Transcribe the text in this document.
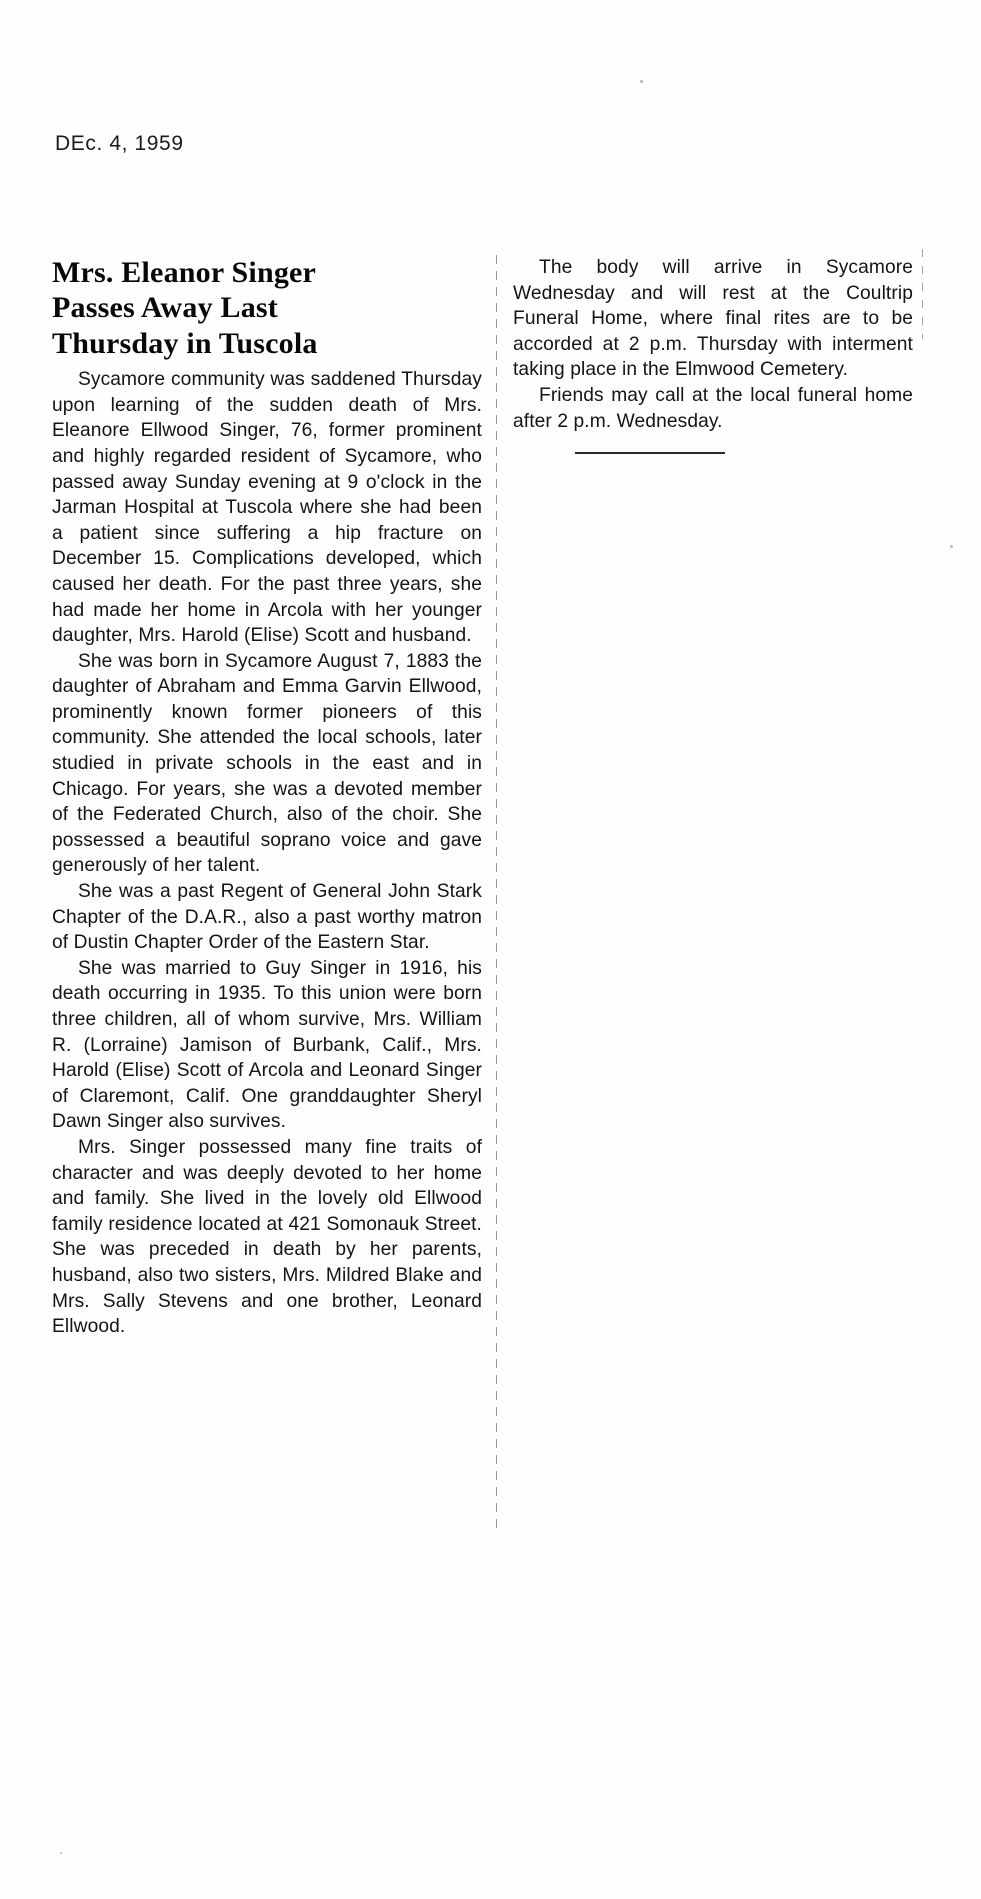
DEc. 4, 1959
Mrs. Eleanor Singer
Passes Away Last
Thursday in Tuscola

Sycamore community was saddened Thursday upon learning of the sudden death of Mrs. Eleanore Ellwood Singer, 76, former prominent and highly regarded resident of Sycamore, who passed away Sunday evening at 9 o'clock in the Jarman Hospital at Tuscola where she had been a patient since suffering a hip fracture on December 15. Complications developed, which caused her death. For the past three years, she had made her home in Arcola with her younger daughter, Mrs. Harold (Elise) Scott and husband.

She was born in Sycamore August 7, 1883 the daughter of Abraham and Emma Garvin Ellwood, prominently known former pioneers of this community. She attended the local schools, later studied in private schools in the east and in Chicago. For years, she was a devoted member of the Federated Church, also of the choir. She possessed a beautiful soprano voice and gave generously of her talent.

She was a past Regent of General John Stark Chapter of the D.A.R., also a past worthy matron of Dustin Chapter Order of the Eastern Star.

She was married to Guy Singer in 1916, his death occurring in 1935. To this union were born three children, all of whom survive, Mrs. William R. (Lorraine) Jamison of Burbank, Calif., Mrs. Harold (Elise) Scott of Arcola and Leonard Singer of Claremont, Calif. One granddaughter Sheryl Dawn Singer also survives.

Mrs. Singer possessed many fine traits of character and was deeply devoted to her home and family. She lived in the lovely old Ellwood family residence located at 421 Somonauk Street. She was preceded in death by her parents, husband, also two sisters, Mrs. Mildred Blake and Mrs. Sally Stevens and one brother, Leonard Ellwood.

The body will arrive in Sycamore Wednesday and will rest at the Coultrip Funeral Home, where final rites are to be accorded at 2 p.m. Thursday with interment taking place in the Elmwood Cemetery.

Friends may call at the local funeral home after 2 p.m. Wednesday.
